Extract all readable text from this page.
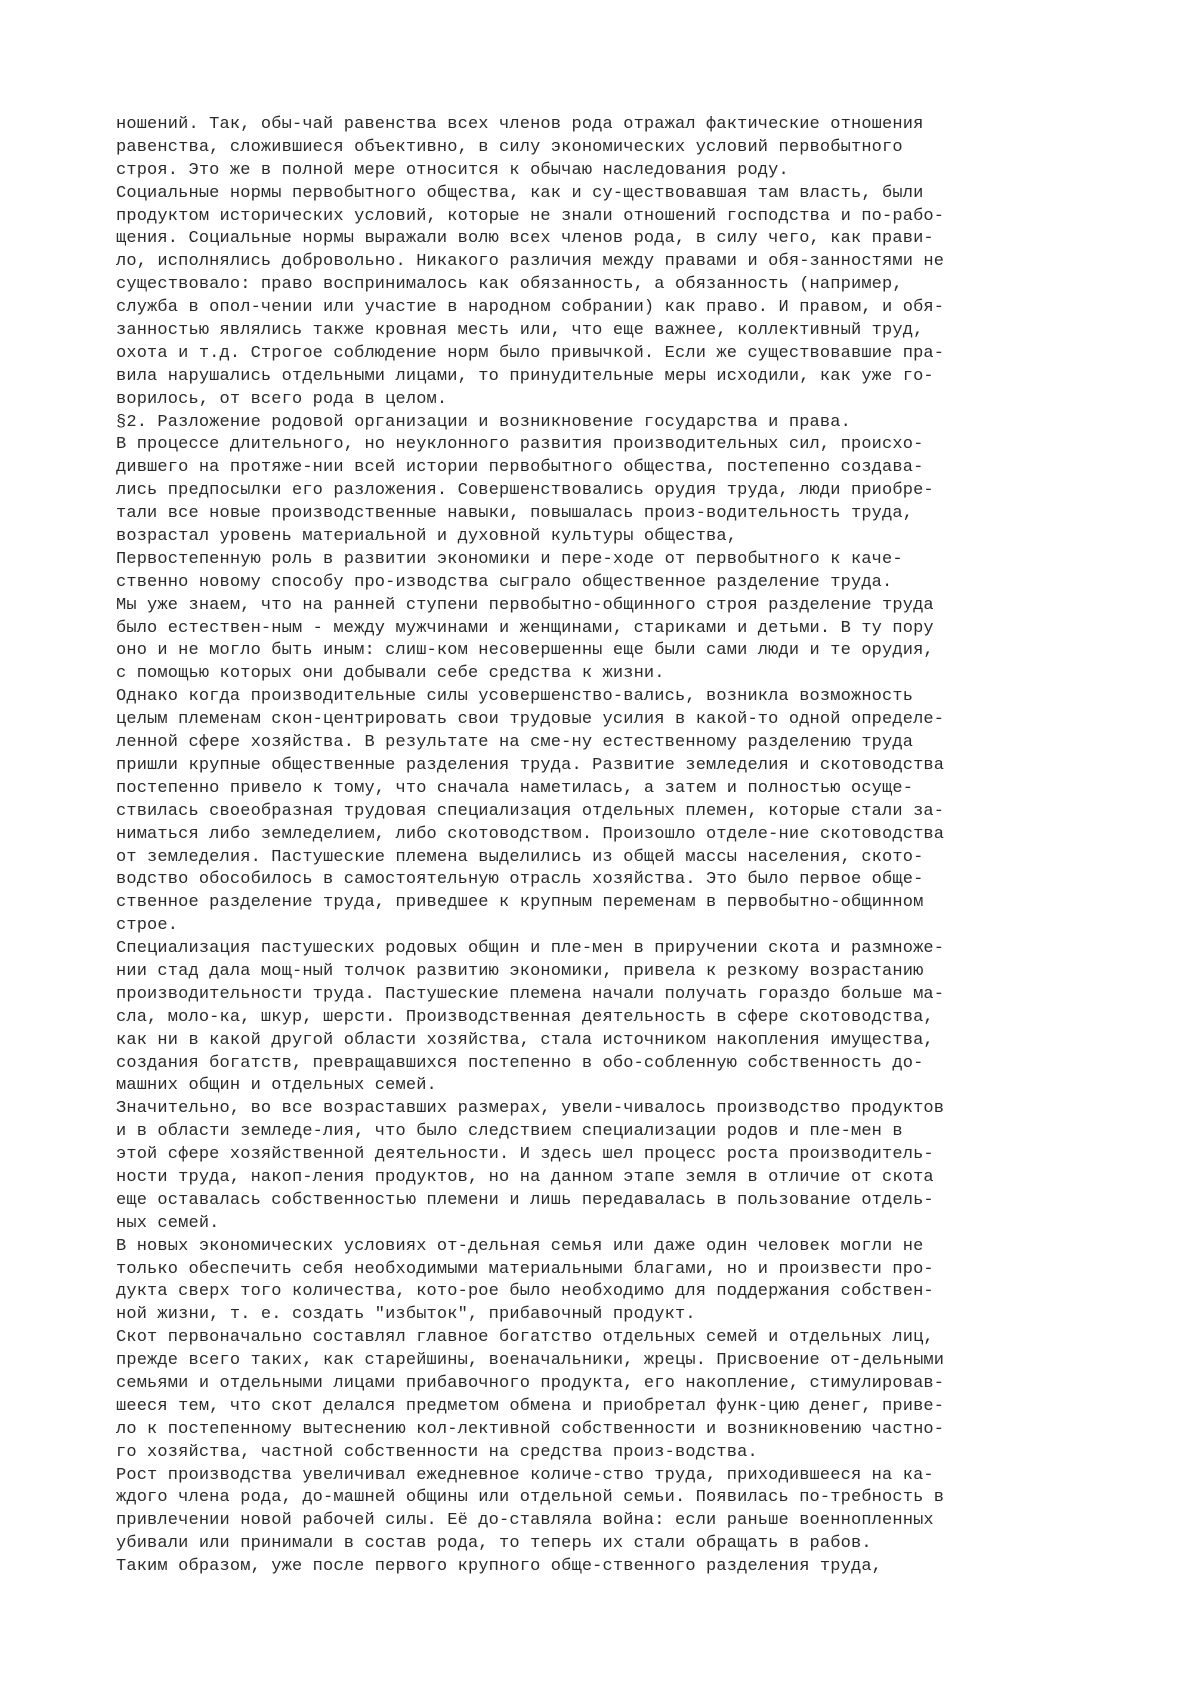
ношений. Так, обы-чай равенства всех членов рода отражал фактические отношения
равенства, сложившиеся объективно, в силу экономических условий первобытного
строя. Это же в полной мере относится к обычаю наследования роду.
Социальные нормы первобытного общества, как и су-ществовавшая там власть, были
продуктом исторических условий, которые не знали отношений господства и по-рабо-
щения. Социальные нормы выражали волю всех членов рода, в силу чего, как прави-
ло, исполнялись добровольно. Никакого различия между правами и обя-занностями не
существовало: право воспринималось как обязанность, а обязанность (например,
служба в опол-чении или участие в народном собрании) как право. И правом, и обя-
занностью являлись также кровная месть или, что еще важнее, коллективный труд,
охота и т.д. Строгое соблюдение норм было привычкой. Если же существовавшие пра-
вила нарушались отдельными лицами, то принудительные меры исходили, как уже го-
ворилось, от всего рода в целом.
§2. Разложение родовой организации и возникновение государства и права.
В процессе длительного, но неуклонного развития производительных сил, происхо-
дившего на протяже-нии всей истории первобытного общества, постепенно создава-
лись предпосылки его разложения. Совершенствовались орудия труда, люди приобре-
тали все новые производственные навыки, повышалась произ-водительность труда,
возрастал уровень материальной и духовной культуры общества,
Первостепенную роль в развитии экономики и пере-ходе от первобытного к каче-
ственно новому способу про-изводства сыграло общественное разделение труда.
Мы уже знаем, что на ранней ступени первобытно-общинного строя разделение труда
было естествен-ным - между мужчинами и женщинами, стариками и детьми. В ту пору
оно и не могло быть иным: слиш-ком несовершенны еще были сами люди и те орудия,
с помощью которых они добывали себе средства к жизни.
Однако когда производительные силы усовершенство-вались, возникла возможность
целым племенам скон-центрировать свои трудовые усилия в какой-то одной определе-
ленной сфере хозяйства. В результате на сме-ну естественному разделению труда
пришли крупные общественные разделения труда. Развитие земледелия и скотоводства
постепенно привело к тому, что сначала наметилась, а затем и полностью осуще-
ствилась своеобразная трудовая специализация отдельных племен, которые стали за-
ниматься либо земледелием, либо скотоводством. Произошло отделе-ние скотоводства
от земледелия. Пастушеские племена выделились из общей массы населения, ското-
водство обособилось в самостоятельную отрасль хозяйства. Это было первое обще-
ственное разделение труда, приведшее к крупным переменам в первобытно-общинном
строе.
Специализация пастушеских родовых общин и пле-мен в приручении скота и размноже-
нии стад дала мощ-ный толчок развитию экономики, привела к резкому возрастанию
производительности труда. Пастушеские племена начали получать гораздо больше ма-
сла, моло-ка, шкур, шерсти. Производственная деятельность в сфере скотоводства,
как ни в какой другой области хозяйства, стала источником накопления имущества,
создания богатств, превращавшихся постепенно в обо-собленную собственность до-
машних общин и отдельных семей.
Значительно, во все возраставших размерах, увели-чивалось производство продуктов
и в области земледе-лия, что было следствием специализации родов и пле-мен в
этой сфере хозяйственной деятельности. И здесь шел процесс роста производитель-
ности труда, накоп-ления продуктов, но на данном этапе земля в отличие от скота
еще оставалась собственностью племени и лишь передавалась в пользование отдель-
ных семей.
В новых экономических условиях от-дельная семья или даже один человек могли не
только обеспечить себя необходимыми материальными благами, но и произвести про-
дукта сверх того количества, кото-рое было необходимо для поддержания собствен-
ной жизни, т. е. создать "избыток", прибавочный продукт.
Скот первоначально составлял главное богатство отдельных семей и отдельных лиц,
прежде всего таких, как старейшины, военачальники, жрецы. Присвоение от-дельными
семьями и отдельными лицами прибавочного продукта, его накопление, стимулировав-
шееся тем, что скот делался предметом обмена и приобретал функ-цию денег, приве-
ло к постепенному вытеснению кол-лективной собственности и возникновению частно-
го хозяйства, частной собственности на средства произ-водства.
Рост производства увеличивал ежедневное количе-ство труда, приходившееся на ка-
ждого члена рода, до-машней общины или отдельной семьи. Появилась по-требность в
привлечении новой рабочей силы. Её до-ставляла война: если раньше военнопленных
убивали или принимали в состав рода, то теперь их стали обращать в рабов.
Таким образом, уже после первого крупного обще-ственного разделения труда,
